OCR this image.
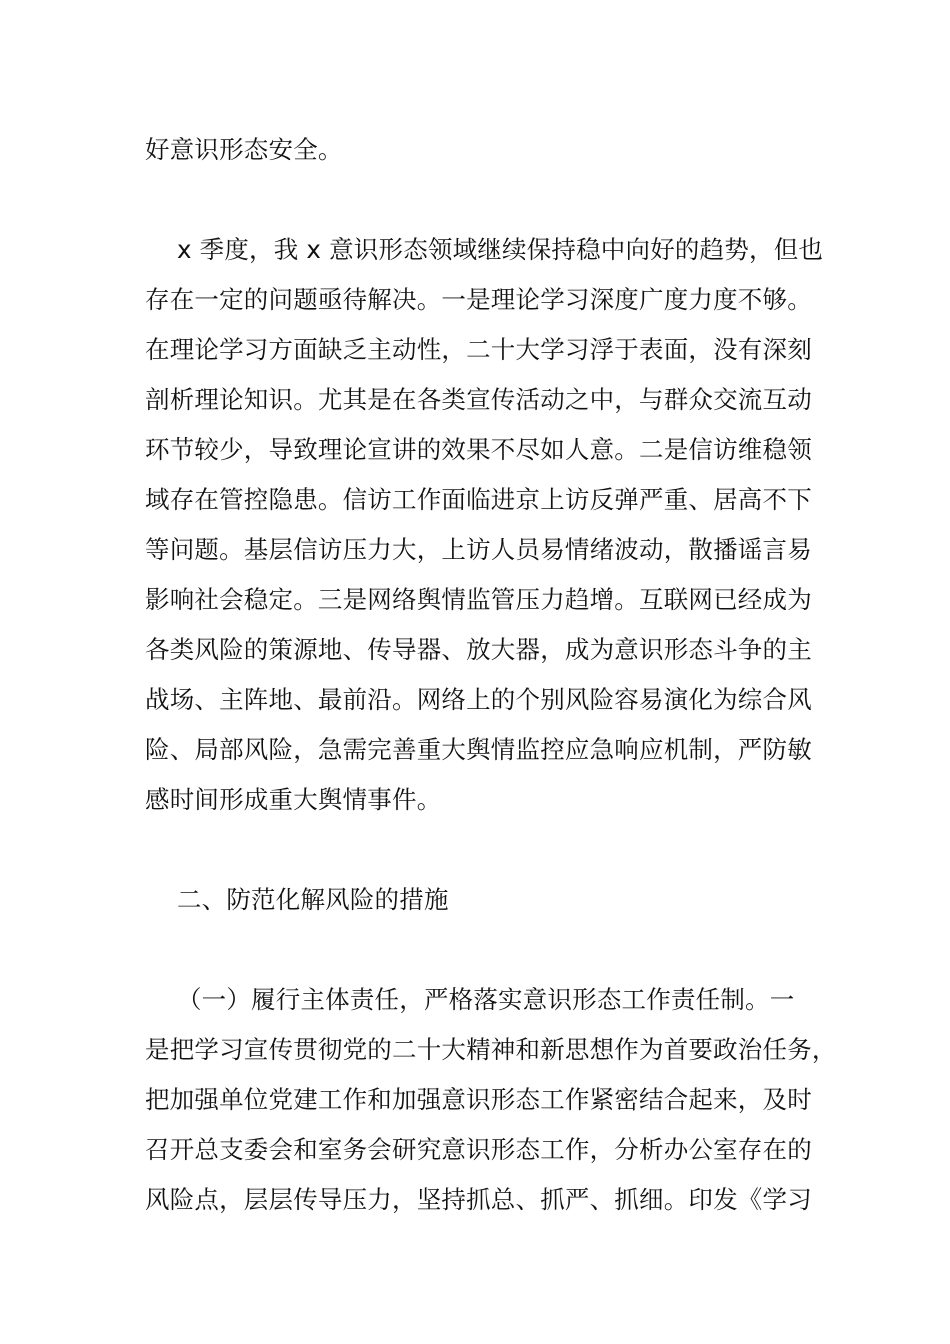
好意识形态安全。
x 季度，我 x 意识形态领域继续保持稳中向好的趋势，但也
存在一定的问题亟待解决。一是理论学习深度广度力度不够。
在理论学习方面缺乏主动性，二十大学习浮于表面，没有深刻
剖析理论知识。尤其是在各类宣传活动之中，与群众交流互动
环节较少，导致理论宣讲的效果不尽如人意。二是信访维稳领
域存在管控隐患。信访工作面临进京上访反弹严重、居高不下
等问题。基层信访压力大，上访人员易情绪波动，散播谣言易
影响社会稳定。三是网络舆情监管压力趋增。互联网已经成为
各类风险的策源地、传导器、放大器，成为意识形态斗争的主
战场、主阵地、最前沿。网络上的个别风险容易演化为综合风
险、局部风险，急需完善重大舆情监控应急响应机制，严防敏
感时间形成重大舆情事件。
二、防范化解风险的措施
（一）履行主体责任，严格落实意识形态工作责任制。一
是把学习宣传贯彻党的二十大精神和新思想作为首要政治任务，
把加强单位党建工作和加强意识形态工作紧密结合起来，及时
召开总支委会和室务会研究意识形态工作，分析办公室存在的
风险点，层层传导压力，坚持抓总、抓严、抓细。印发《学习
